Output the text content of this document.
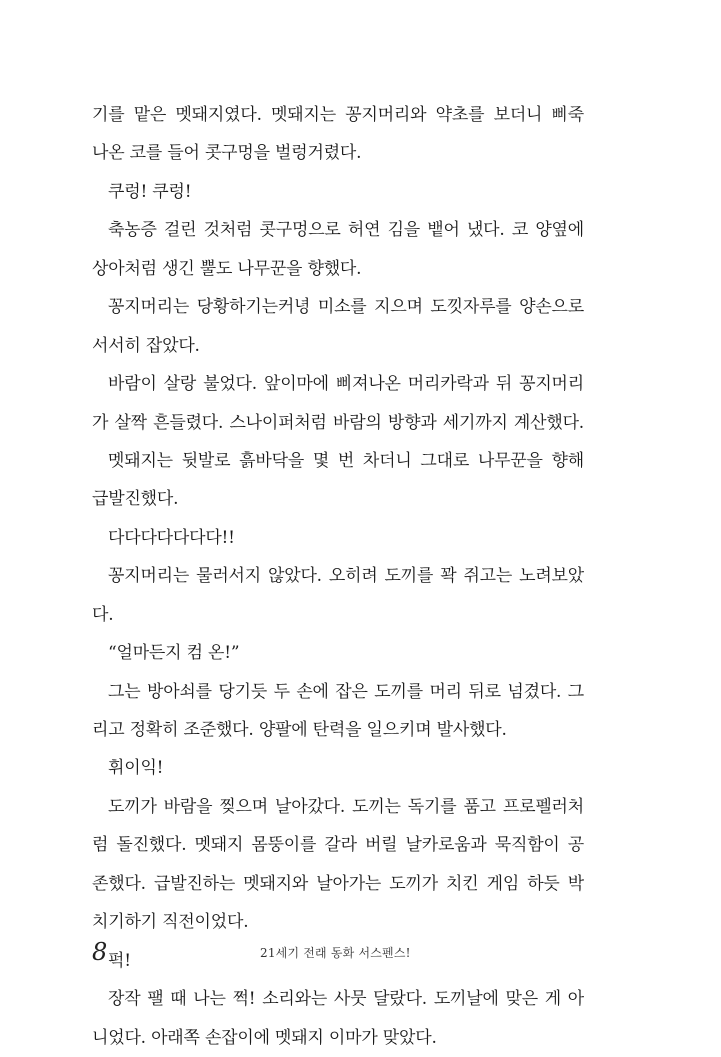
기를 맡은 멧돼지였다. 멧돼지는 꽁지머리와 약초를 보더니 삐죽
나온 코를 들어 콧구멍을 벌렁거렸다.
쿠렁! 쿠렁!
축농증 걸린 것처럼 콧구멍으로 허연 김을 뱉어 냈다. 코 양옆에
상아처럼 생긴 뿔도 나무꾼을 향했다.
꽁지머리는 당황하기는커녕 미소를 지으며 도낏자루를 양손으로
서서히 잡았다.
바람이 살랑 불었다. 앞이마에 삐져나온 머리카락과 뒤 꽁지머리
가 살짝 흔들렸다. 스나이퍼처럼 바람의 방향과 세기까지 계산했다.
멧돼지는 뒷발로 흙바닥을 몇 번 차더니 그대로 나무꾼을 향해
급발진했다.
다다다다다다다!!
꽁지머리는 물러서지 않았다. 오히려 도끼를 꽉 쥐고는 노려보았
다.
“얼마든지 컴 온!”
그는 방아쇠를 당기듯 두 손에 잡은 도끼를 머리 뒤로 넘겼다. 그
리고 정확히 조준했다. 양팔에 탄력을 일으키며 발사했다.
휘이익!
도끼가 바람을 찢으며 날아갔다. 도끼는 독기를 품고 프로펠러처
럼 돌진했다. 멧돼지 몸뚱이를 갈라 버릴 날카로움과 묵직함이 공
존했다. 급발진하는 멧돼지와 날아가는 도끼가 치킨 게임 하듯 박
치기하기 직전이었다.
퍽!
장작 팰 때 나는 쩍! 소리와는 사뭇 달랐다. 도끼날에 맞은 게 아
니었다. 아래쪽 손잡이에 멧돼지 이마가 맞았다.
8	21세기 전래 동화 서스펜스!
